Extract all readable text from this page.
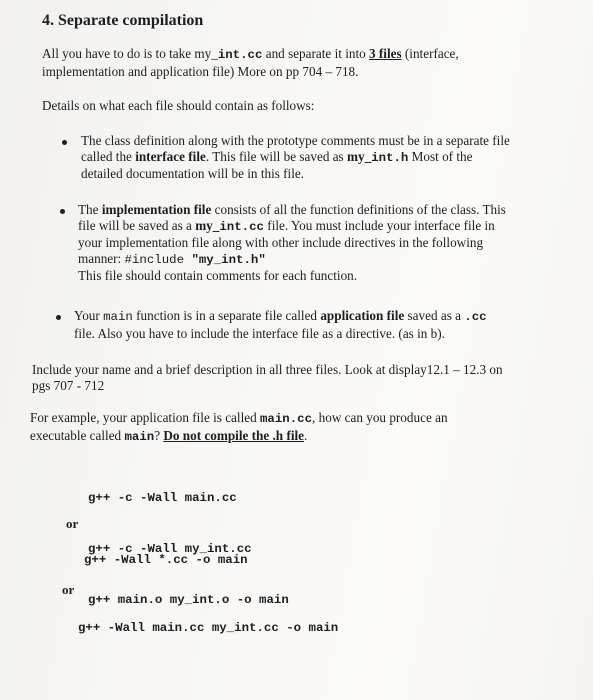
4. Separate compilation
All you have to do is to take my_int.cc and separate it into 3 files (interface,
implementation and application file) More on pp 704 – 718.
Details on what each file should contain as follows:
The class definition along with the prototype comments must be in a separate file
called the interface file. This file will be saved as my_int.h Most of the
detailed documentation will be in this file.
The implementation file consists of all the function definitions of the class. This
file will be saved as a my_int.cc file. You must include your interface file in
your implementation file along with other include directives in the following
manner: #include "my_int.h"
This file should contain comments for each function.
Your main function is in a separate file called application file saved as a .cc
file. Also you have to include the interface file as a directive. (as in b).
Include your name and a brief description in all three files. Look at display12.1 – 12.3 on
pgs 707 - 712
For example, your application file is called main.cc, how can you produce an
executable called main? Do not compile the .h file.

g++ -c -Wall main.cc

g++ -c -Wall my_int.cc

g++ main.o my_int.o -o main

or
g++ -Wall *.cc -o main
or
g++ -Wall main.cc my_int.cc -o main
